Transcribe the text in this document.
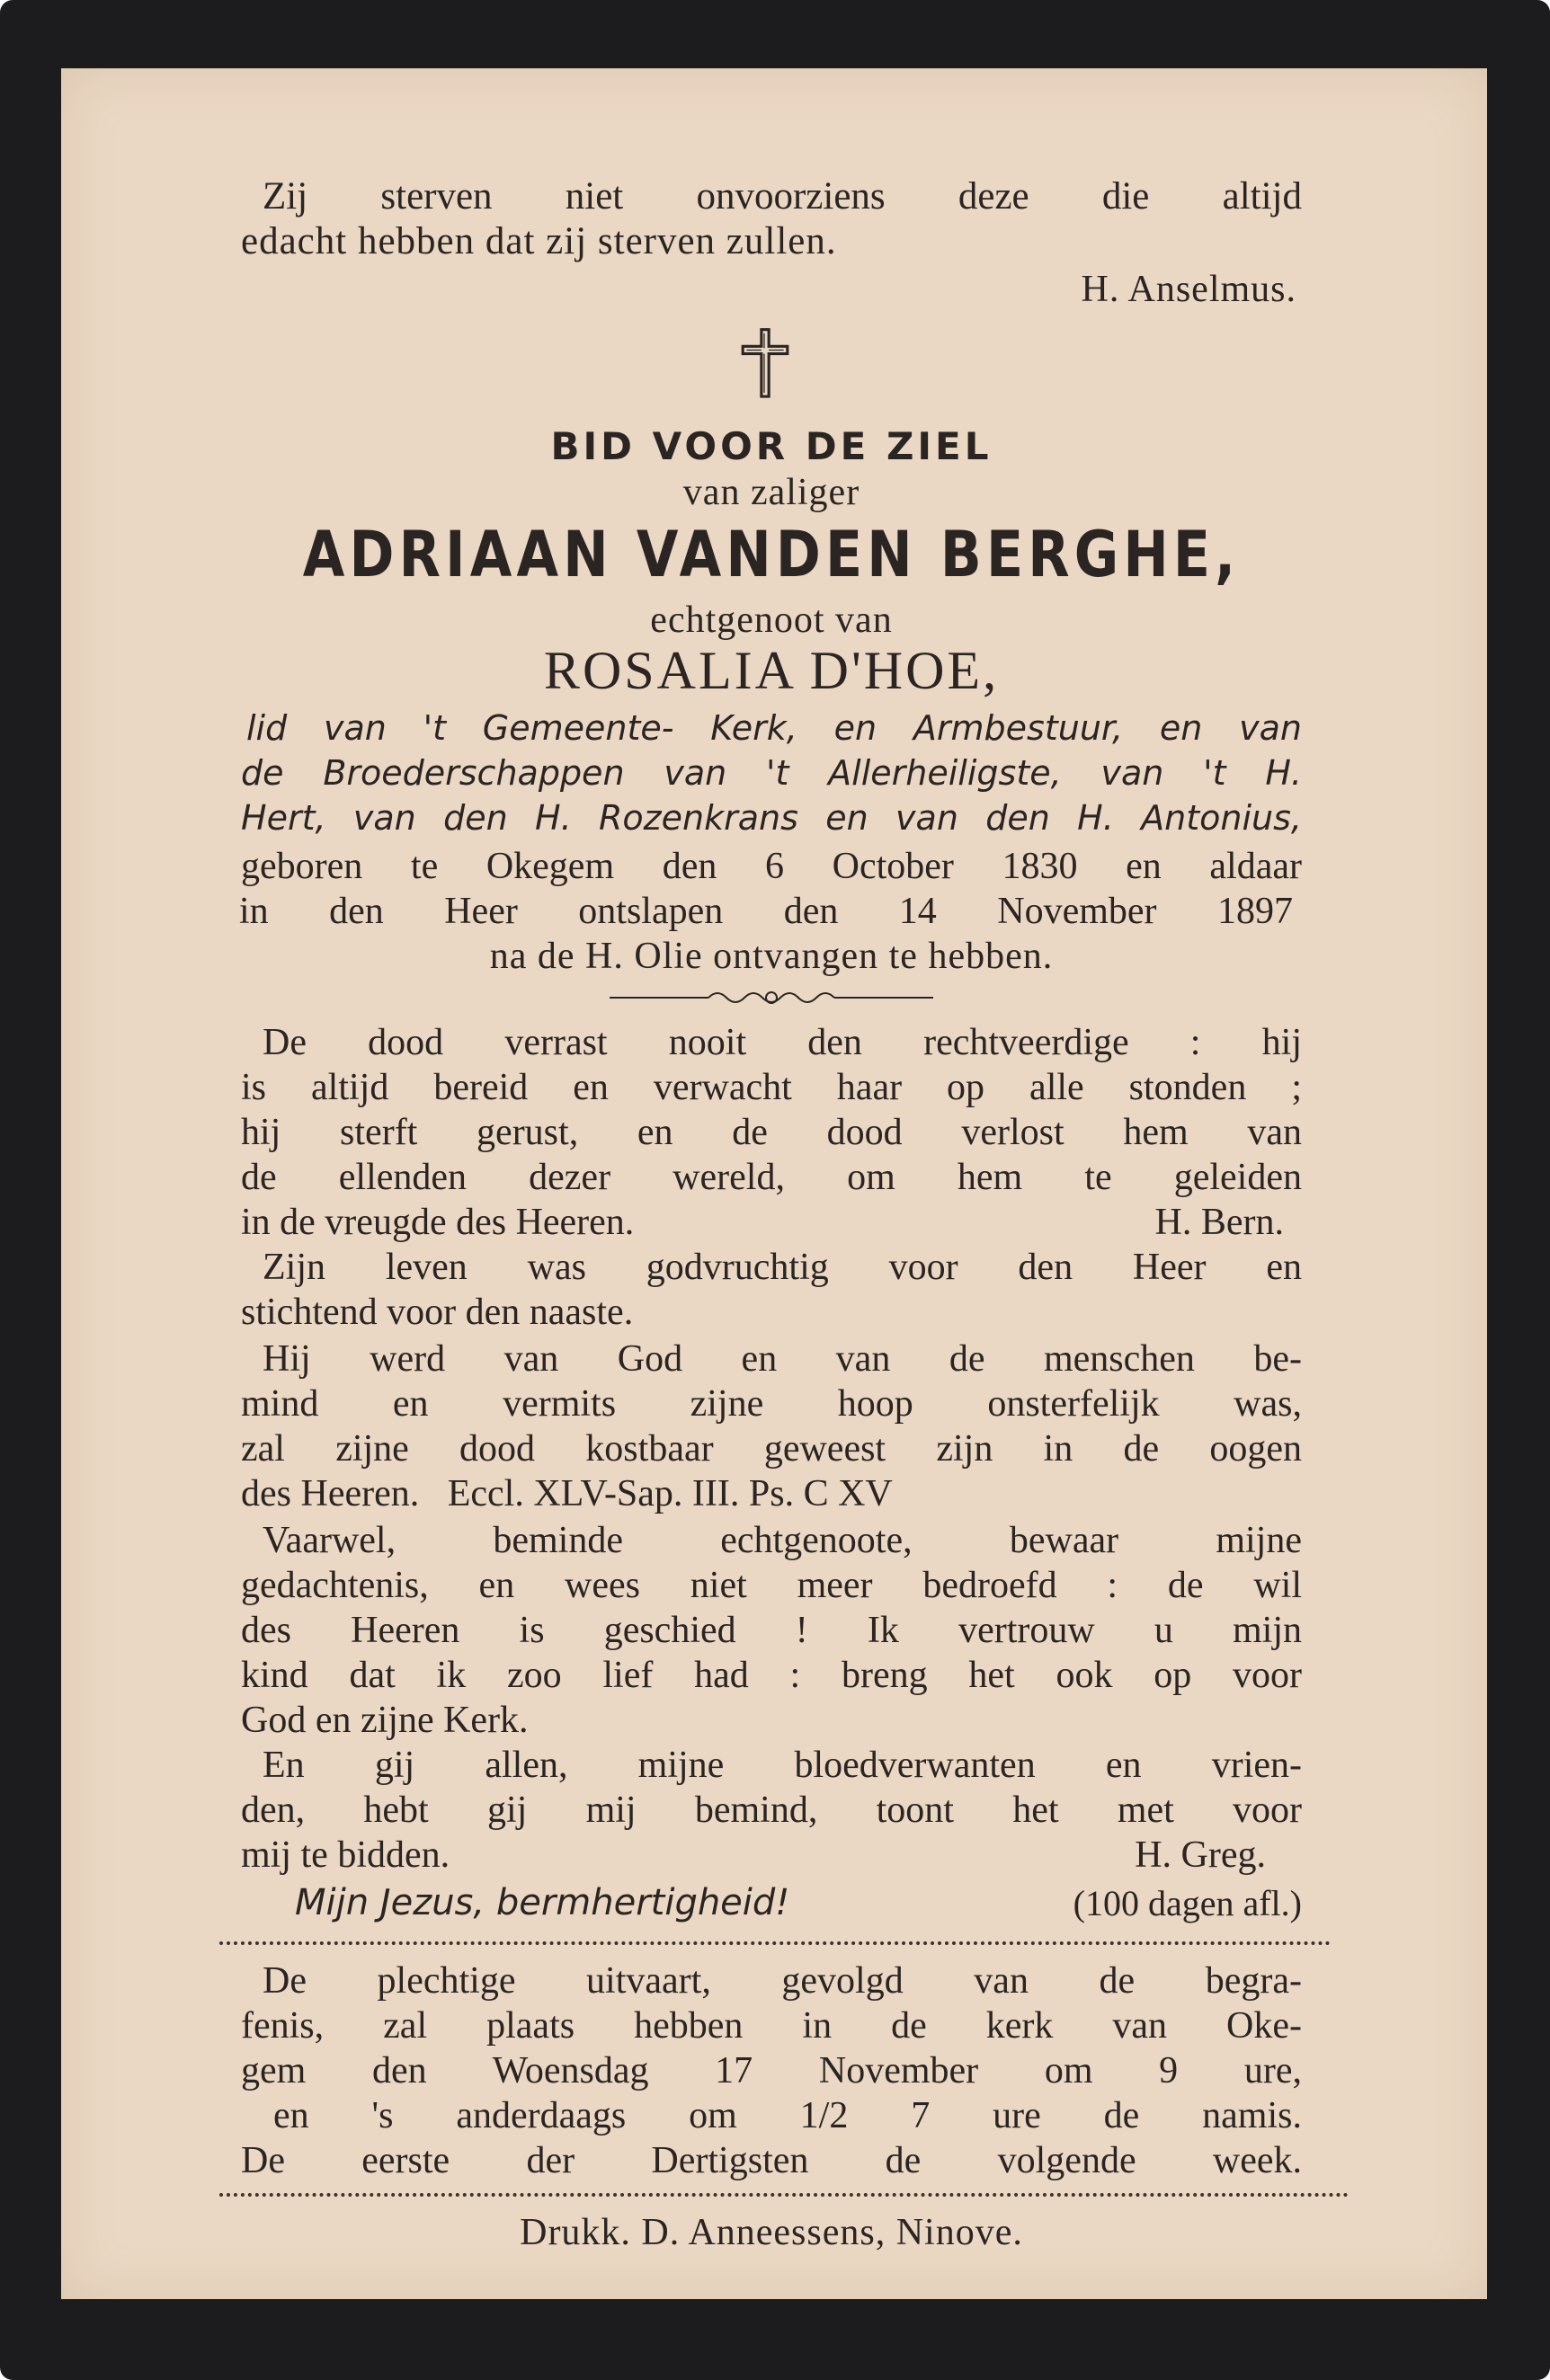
Zij sterven niet onvoorziens deze die altijd
edacht hebben dat zij sterven zullen.
H. Anselmus.
BID VOOR DE ZIEL
van zaliger
ADRIAAN VANDEN BERGHE,
echtgenoot van
ROSALIA D'HOE,
lid van 't Gemeente- Kerk, en Armbestuur, en van
de Broederschappen van 't Allerheiligste, van 't H.
Hert, van den H. Rozenkrans en van den H. Antonius,
geboren te Okegem den 6 October 1830 en aldaar
in den Heer ontslapen den 14 November 1897
na de H. Olie ontvangen te hebben.
De dood verrast nooit den rechtveerdige : hij
is altijd bereid en verwacht haar op alle stonden ;
hij sterft gerust, en de dood verlost hem van
de ellenden dezer wereld, om hem te geleiden
in de vreugde des Heeren.	H. Bern.
Zijn leven was godvruchtig voor den Heer en
stichtend voor den naaste.
Hij werd van God en van de menschen be-
mind en vermits zijne hoop onsterfelijk was,
zal zijne dood kostbaar geweest zijn in de oogen
des Heeren.   Eccl. XLV-Sap. III. Ps. C XV
Vaarwel, beminde echtgenoote, bewaar mijne
gedachtenis, en wees niet meer bedroefd : de wil
des Heeren is geschied ! Ik vertrouw u mijn
kind dat ik zoo lief had : breng het ook op voor
God en zijne Kerk.
En gij allen, mijne bloedverwanten en vrien-
den, hebt gij mij bemind, toont het met voor
mij te bidden.	H. Greg.
Mijn Jezus, bermhertigheid!	(100 dagen afl.)
De plechtige uitvaart, gevolgd van de begra-
fenis, zal plaats hebben in de kerk van Oke-
gem den Woensdag 17 November om 9 ure,
en 's anderdaags om 1/2 7 ure de namis.
De eerste der Dertigsten de volgende week.
Drukk. D. Anneessens, Ninove.
